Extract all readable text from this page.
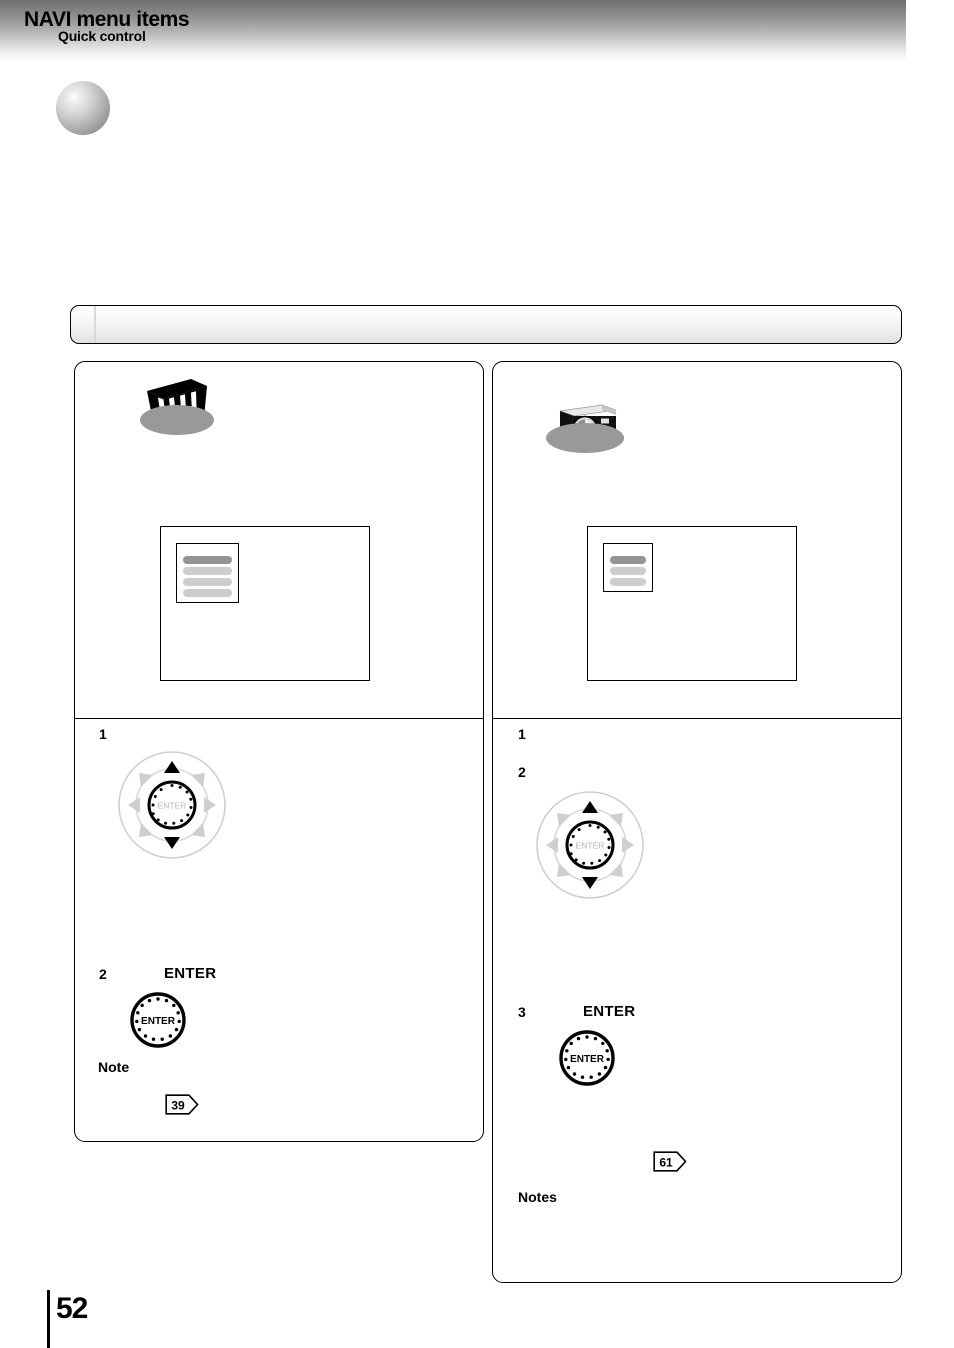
Quick control
NAVI menu items
1
ENTER
2	ENTER
ENTER
Note
39
1
2
ENTER
3	ENTER
ENTER
61
Notes
52
